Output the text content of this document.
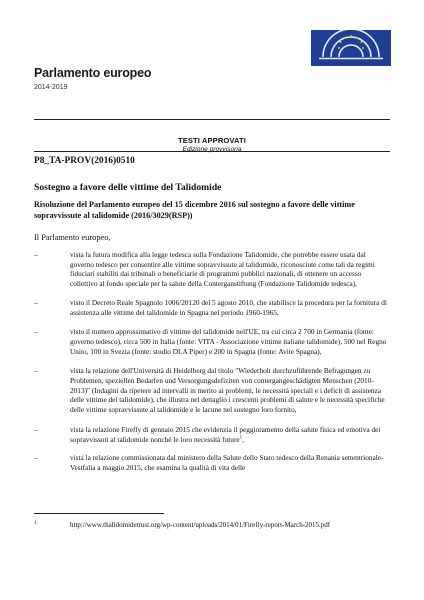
Parlamento europeo
2014-2019
TESTI APPROVATI
Edizione provvisoria
P8_TA-PROV(2016)0510
Sostegno a favore delle vittime del Talidomide
Risoluzione del Parlamento europeo del 15 dicembre 2016 sul sostegno a favore delle vittime sopravvissute al talidomide (2016/3029(RSP))
Il Parlamento europeo,

–	vista la futura modifica alla legge tedesca sulla Fondazione Talidomide, che potrebbe essere usata dal governo tedesco per consentire alle vittime sopravvissute al talidomide, riconosciute come tali da regimi fiduciari stabiliti dai tribunali o beneficiarie di programmi pubblici nazionali, di ottenere un accesso collettivo al fondo speciale per la salute della Conterganstiftung (Fondazione Talidomide tedesca),

–	visto il Decreto Reale Spagnolo 1006/20120 del 5 agosto 2010, che stabilisce la procedura per la fornitura di assistenza alle vittime del talidomide in Spagna nel periodo 1960-1965,

–	visto il numero approssimativo di vittime del talidomide nell'UE, tra cui circa 2 700 in Germania (fonte: governo tedesco), circa 500 in Italia (fonte: VITA - Associazione vittime italiane talidomide), 500 nel Regno Unito, 100 in Svezia (fonte: studio DLA Piper) e 200 in Spagna (fonte: Avite Spagna),

–	vista la relazione dell'Università di Heidelberg dal titolo "Wiederholt durchzuführende Befragungen zu Problemen, speziellen Bedarfen und Versorgungsdefiziten von contergangeschädigten Menschen (2010-2013)" (Indagini da ripetere ad intervalli in merito ai problemi, le necessità speciali e i deficit di assistenza delle vittime del talidomide), che illustra nel dettaglio i crescenti problemi di salute e le necessità specifiche delle vittime sopravvissute al talidomide e le lacune nel sostegno loro fornito,

–	vista la relazione Firefly di gennaio 2015 che evidenzia il peggioramento della salute fisica ed emotiva dei sopravvissuti al talidomide nonché le loro necessità future$^1$,

–	vista la relazione commissionata dal ministero della Salute dello Stato tedesco della Renania settentrionale-Vestfalia a maggio 2015, che esamina la qualità di vita delle

1	http://www.thalidomidetrust.org/wp-content/uploads/2014/01/Firefly-report-March-2015.pdf
